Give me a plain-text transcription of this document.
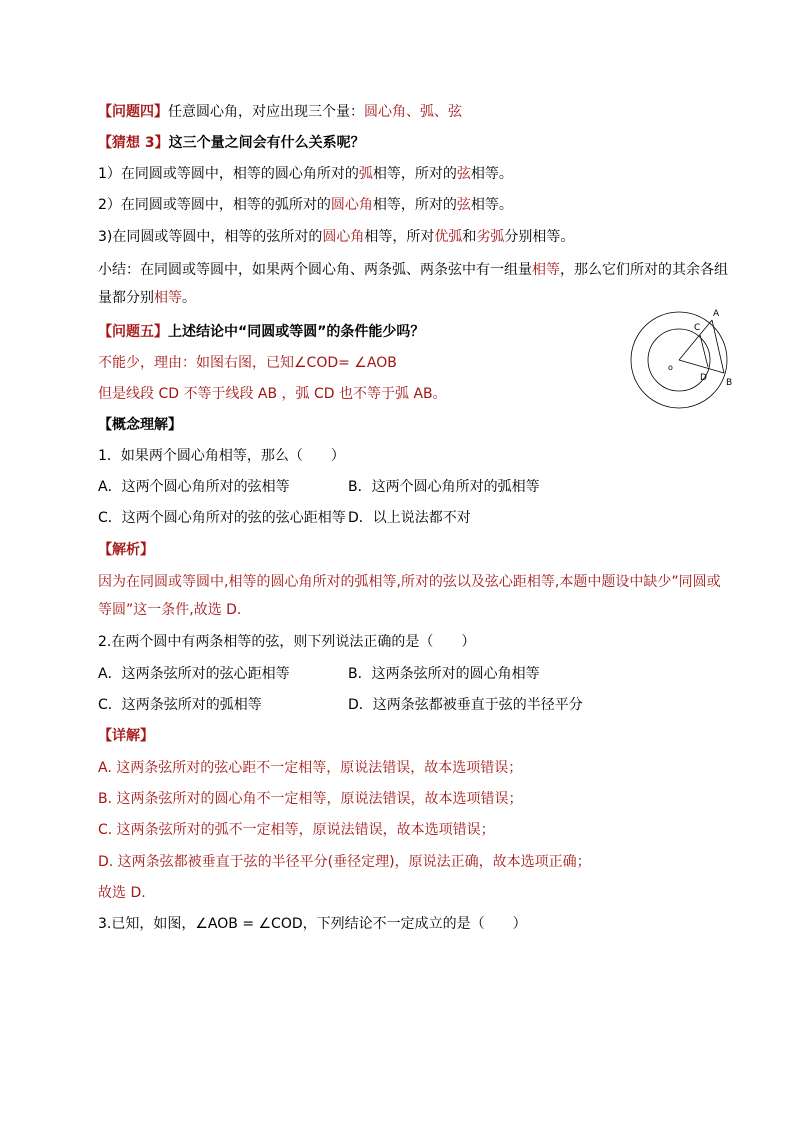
【问题四】任意圆心角，对应出现三个量：圆心角、弧、弦
【猜想 3】这三个量之间会有什么关系呢？
1）在同圆或等圆中，相等的圆心角所对的弧相等，所对的弦相等。
2）在同圆或等圆中，相等的弧所对的圆心角相等，所对的弦相等。
3)在同圆或等圆中，相等的弦所对的圆心角相等，所对优弧和劣弧分别相等。
小结：在同圆或等圆中，如果两个圆心角、两条弧、两条弦中有一组量相等，那么它们所对的其余各组量都分别相等。
【问题五】上述结论中“同圆或等圆”的条件能少吗？
不能少，理由：如图右图，已知∠COD= ∠AOB
但是线段 CD 不等于线段 AB ，弧 CD 也不等于弧 AB。
A
C
o
D B
【概念理解】
1．如果两个圆心角相等，那么（　　）
A．这两个圆心角所对的弦相等	B．这两个圆心角所对的弧相等
C．这两个圆心角所对的弦的弦心距相等 D．以上说法都不对
【解析】
因为在同圆或等圆中,相等的圆心角所对的弧相等,所对的弦以及弦心距相等,本题中题设中缺少”同圆或等圆”这一条件,故选 D.
2.在两个圆中有两条相等的弦，则下列说法正确的是（　　）
A．这两条弦所对的弦心距相等	B．这两条弦所对的圆心角相等
C．这两条弦所对的弧相等	D．这两条弦都被垂直于弦的半径平分
【详解】
A. 这两条弦所对的弦心距不一定相等，原说法错误，故本选项错误；
B. 这两条弦所对的圆心角不一定相等，原说法错误，故本选项错误；
C. 这两条弦所对的弧不一定相等，原说法错误，故本选项错误；
D. 这两条弦都被垂直于弦的半径平分(垂径定理)，原说法正确，故本选项正确；
故选 D.
3.已知，如图，∠AOB = ∠COD，下列结论不一定成立的是（　　）
